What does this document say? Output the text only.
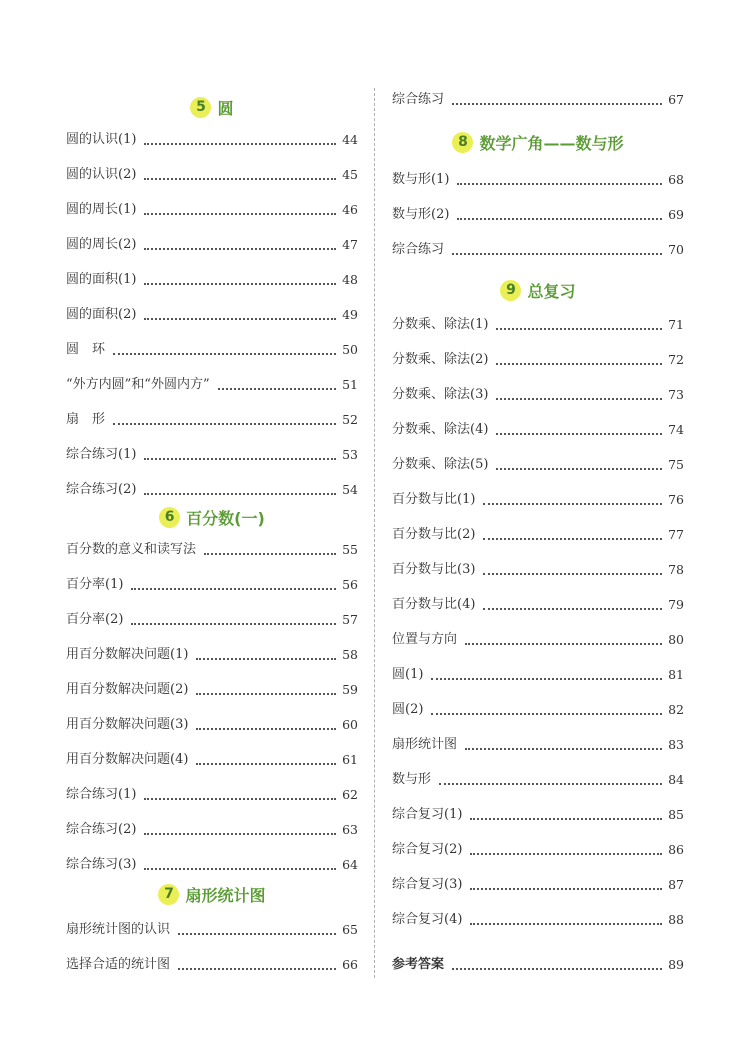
5 圆
圆的认识(1)	44
圆的认识(2)	45
圆的周长(1)	46
圆的周长(2)	47
圆的面积(1)	48
圆的面积(2)	49
圆　环	50
“外方内圆”和“外圆内方”	51
扇　形	52
综合练习(1)	53
综合练习(2)	54
6 百分数(一)
百分数的意义和读写法	55
百分率(1)	56
百分率(2)	57
用百分数解决问题(1)	58
用百分数解决问题(2)	59
用百分数解决问题(3)	60
用百分数解决问题(4)	61
综合练习(1)	62
综合练习(2)	63
综合练习(3)	64
7 扇形统计图
扇形统计图的认识	65
选择合适的统计图	66
综合练习	67
8 数学广角——数与形
数与形(1)	68
数与形(2)	69
综合练习	70
9 总复习
分数乘、除法(1)	71
分数乘、除法(2)	72
分数乘、除法(3)	73
分数乘、除法(4)	74
分数乘、除法(5)	75
百分数与比(1)	76
百分数与比(2)	77
百分数与比(3)	78
百分数与比(4)	79
位置与方向	80
圆(1)	81
圆(2)	82
扇形统计图	83
数与形	84
综合复习(1)	85
综合复习(2)	86
综合复习(3)	87
综合复习(4)	88
参考答案	89
